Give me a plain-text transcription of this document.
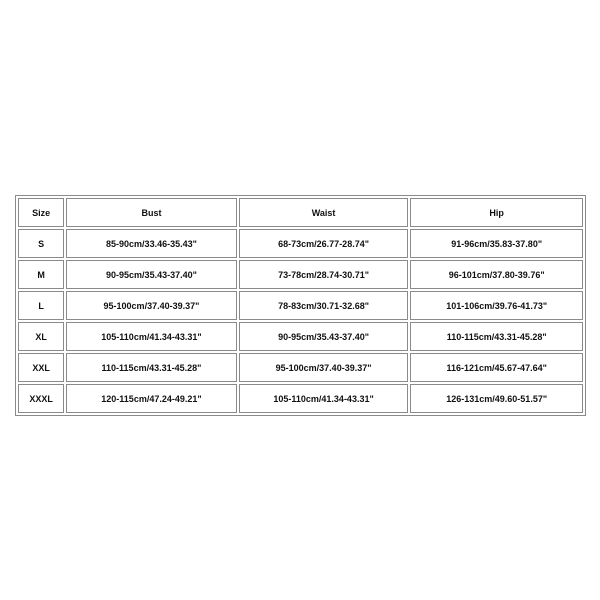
Size	Bust	Waist	Hip
S	85-90cm/33.46-35.43"	68-73cm/26.77-28.74"	91-96cm/35.83-37.80"
M	90-95cm/35.43-37.40"	73-78cm/28.74-30.71"	96-101cm/37.80-39.76"
L	95-100cm/37.40-39.37"	78-83cm/30.71-32.68"	101-106cm/39.76-41.73"
XL	105-110cm/41.34-43.31"	90-95cm/35.43-37.40"	110-115cm/43.31-45.28"
XXL	110-115cm/43.31-45.28"	95-100cm/37.40-39.37"	116-121cm/45.67-47.64"
XXXL	120-115cm/47.24-49.21"	105-110cm/41.34-43.31"	126-131cm/49.60-51.57"
